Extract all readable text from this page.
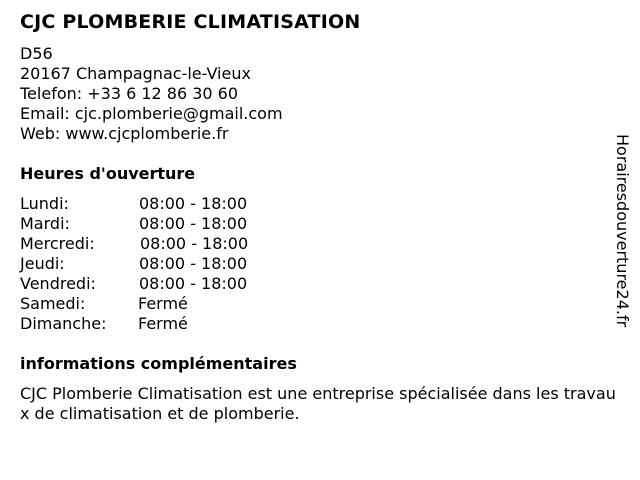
CJC PLOMBERIE CLIMATISATION
D56
20167 Champagnac-le-Vieux
Telefon: +33 6 12 86 30 60
Email: cjc.plomberie@gmail.com
Web: www.cjcplomberie.fr
Heures d'ouverture
Lundi:	08:00 - 18:00
Mardi:	08:00 - 18:00
Mercredi:	08:00 - 18:00
Jeudi:	08:00 - 18:00
Vendredi:	08:00 - 18:00
Samedi:	Fermé
Dimanche: Fermé
informations complémentaires
CJC Plomberie Climatisation est une entreprise spécialisée dans les travaux de climatisation et de plomberie.
Horairesdouverture24.fr
